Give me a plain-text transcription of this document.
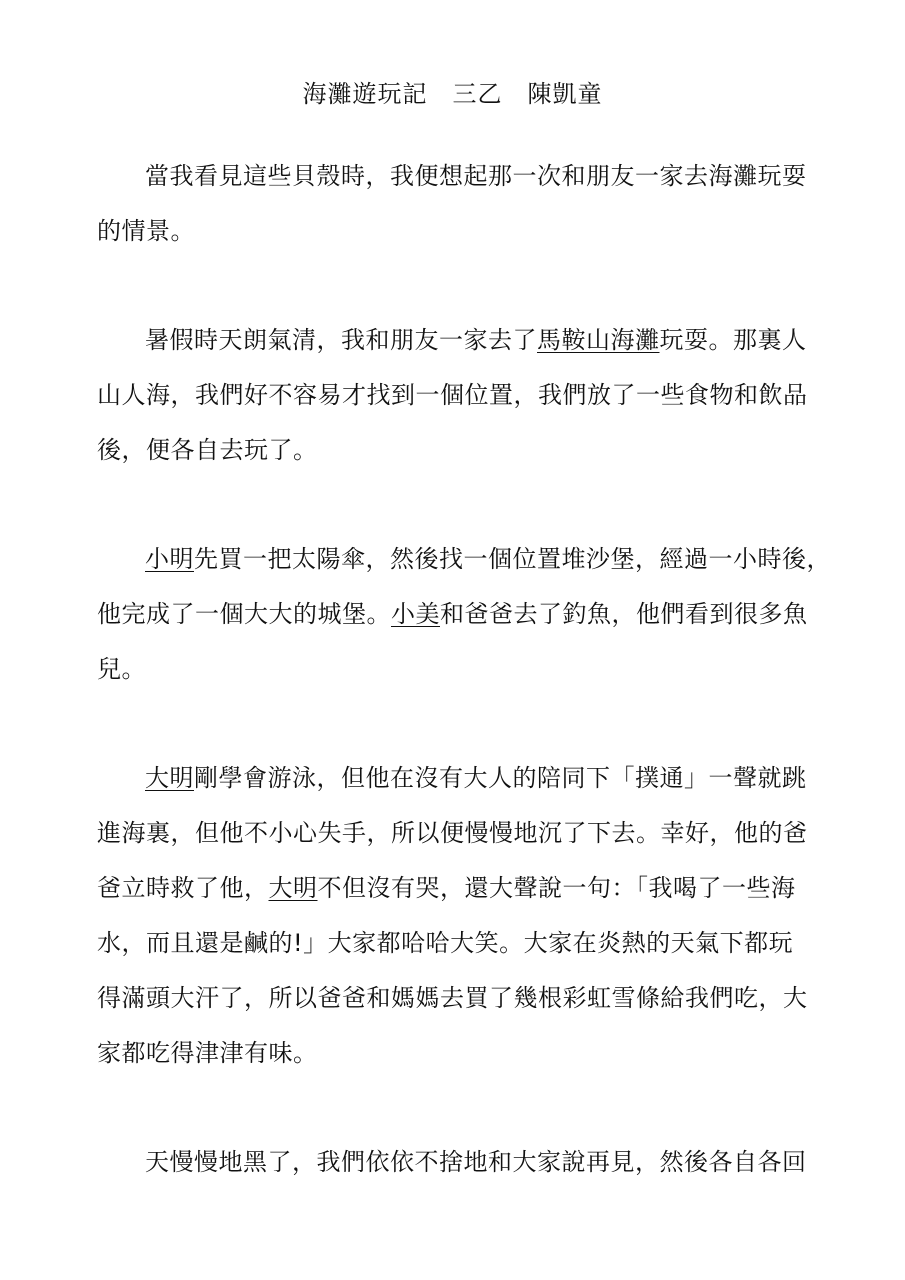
海灘遊玩記　三乙　陳凱童
當我看見這些貝殼時，我便想起那一次和朋友一家去海灘玩耍
的情景。
暑假時天朗氣清，我和朋友一家去了馬鞍山海灘玩耍。那裏人
山人海，我們好不容易才找到一個位置，我們放了一些食物和飲品
後，便各自去玩了。
小明先買一把太陽傘，然後找一個位置堆沙堡，經過一小時後，
他完成了一個大大的城堡。小美和爸爸去了釣魚，他們看到很多魚
兒。
大明剛學會游泳，但他在沒有大人的陪同下「撲通」一聲就跳
進海裏，但他不小心失手，所以便慢慢地沉了下去。幸好，他的爸
爸立時救了他，大明不但沒有哭，還大聲說一句：「我喝了一些海
水，而且還是鹹的!」大家都哈哈大笑。大家在炎熱的天氣下都玩
得滿頭大汗了，所以爸爸和媽媽去買了幾根彩虹雪條給我們吃，大
家都吃得津津有味。
天慢慢地黑了，我們依依不捨地和大家說再見，然後各自各回
